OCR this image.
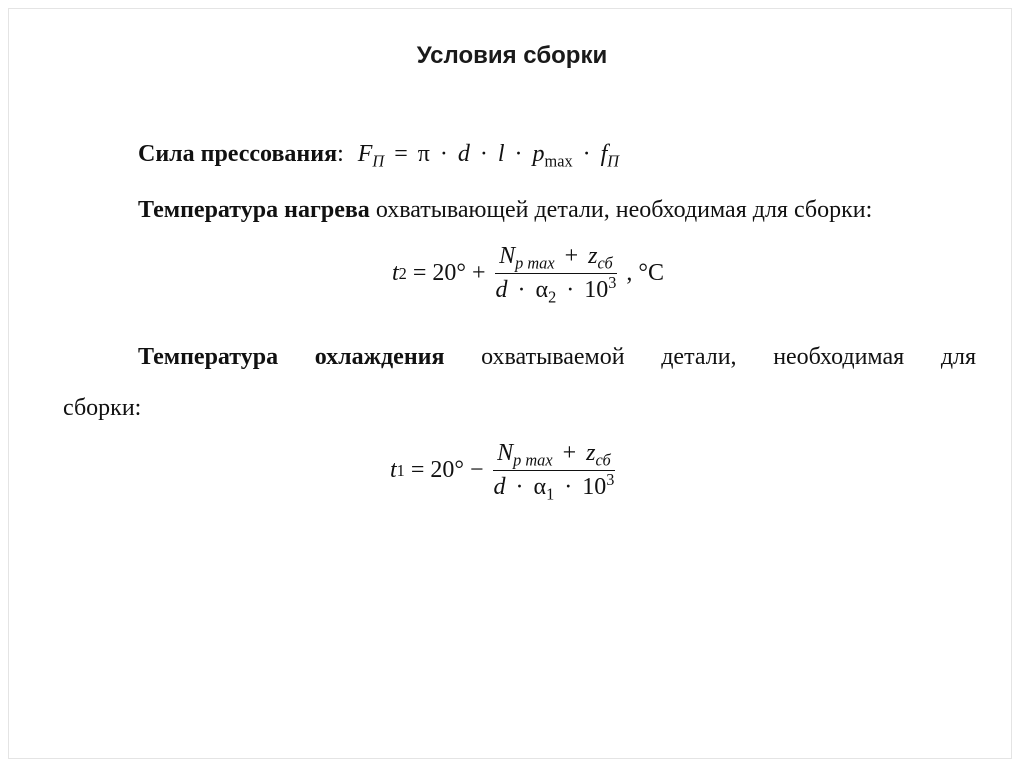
Условия сборки
Сила прессования: $F_П = \pi \cdot d \cdot l \cdot p_{max} \cdot f_П$
Температура нагрева охватывающей детали, необходимая для сборки:
t $2 = 20^\circ + \frac{N_{p max} + z_{сб}}{d \cdot \alpha_2 \cdot 10^3}$ , °С
Температура охлаждения охватываемой детали, необходимая для
сборки:
t $1 = 20^\circ - \frac{N_{p max} + z_{сб}}{d \cdot \alpha_1 \cdot 10^3}$
